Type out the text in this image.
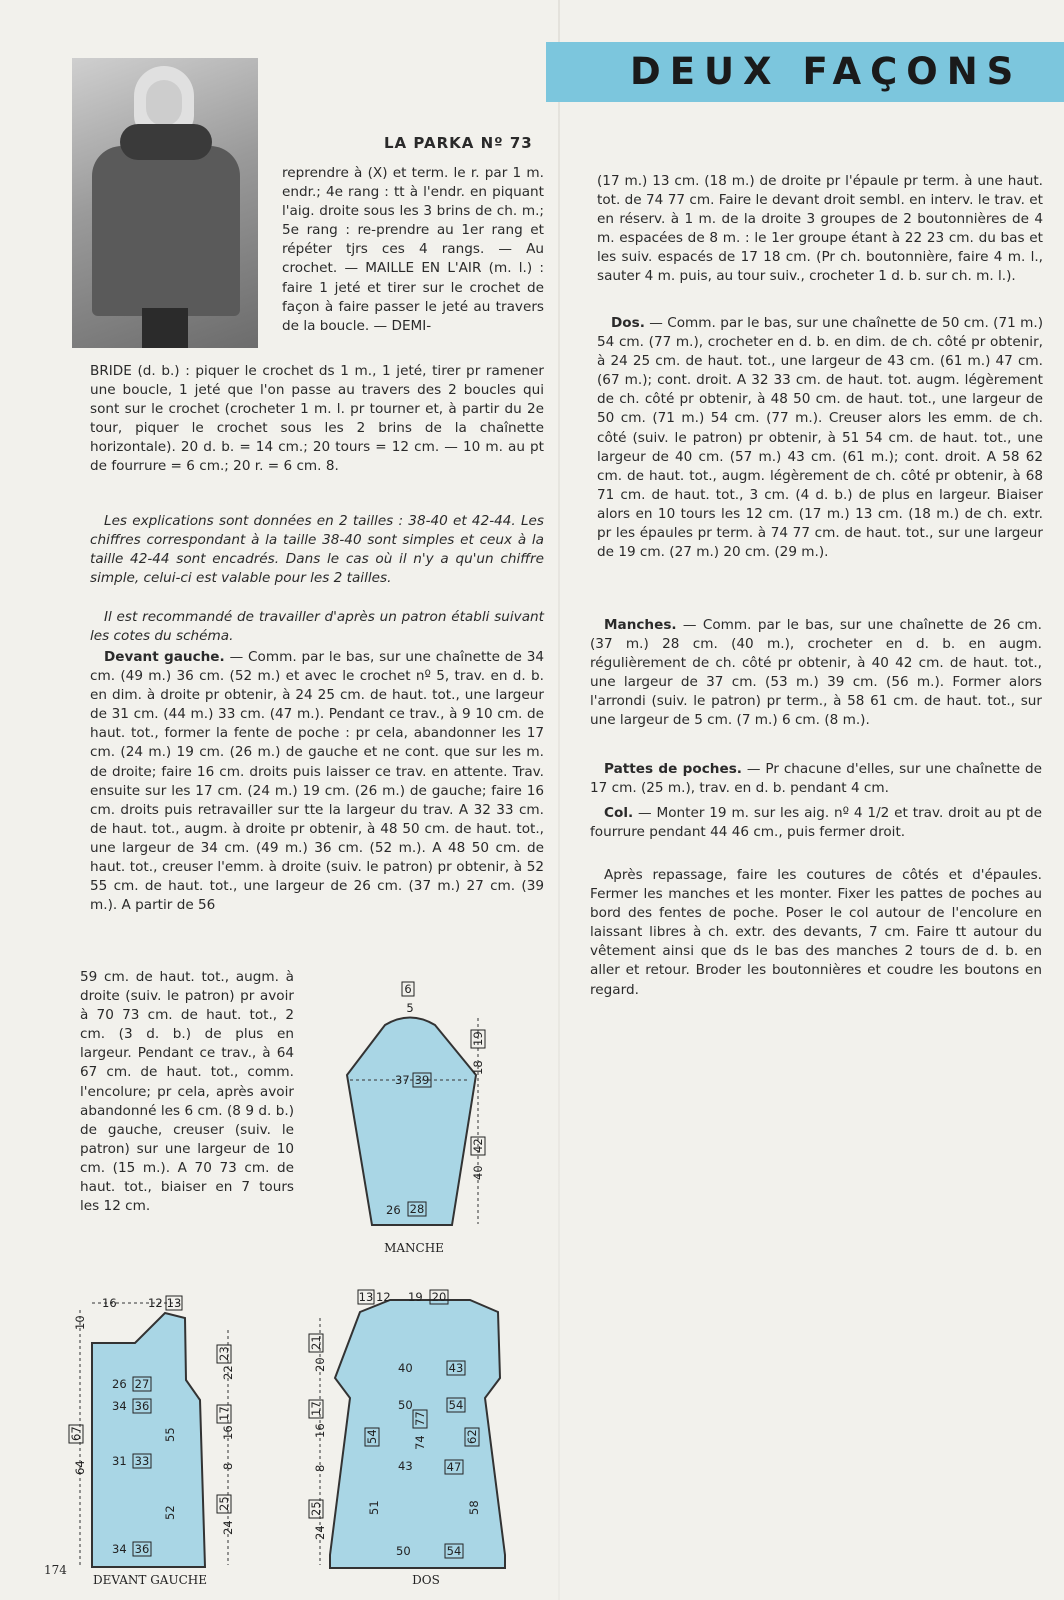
DEUX FAÇONS
LA PARKA Nº 73
reprendre à (X) et term. le r. par 1 m. endr.; 4e rang : tt à l'endr. en piquant l'aig. droite sous les 3 brins de ch. m.; 5e rang : re-prendre au 1er rang et répéter tjrs ces 4 rangs. — Au crochet. — MAILLE EN L'AIR (m. l.) : faire 1 jeté et tirer sur le crochet de façon à faire passer le jeté au travers de la boucle. — DEMI-
BRIDE (d. b.) : piquer le crochet ds 1 m., 1 jeté, tirer pr ramener une boucle, 1 jeté que l'on passe au travers des 2 boucles qui sont sur le crochet (crocheter 1 m. l. pr tourner et, à partir du 2e tour, piquer le crochet sous les 2 brins de la chaînette horizontale). 20 d. b. = 14 cm.; 20 tours = 12 cm. — 10 m. au pt de fourrure = 6 cm.; 20 r. = 6 cm. 8.
Les explications sont données en 2 tailles : 38-40 et 42-44. Les chiffres correspondant à la taille 38-40 sont simples et ceux à la taille 42-44 sont encadrés. Dans le cas où il n'y a qu'un chiffre simple, celui-ci est valable pour les 2 tailles.
Il est recommandé de travailler d'après un patron établi suivant les cotes du schéma.
Devant gauche. — Comm. par le bas, sur une chaînette de 34 cm. (49 m.) 36 cm. (52 m.) et avec le crochet nº 5, trav. en d. b. en dim. à droite pr obtenir, à 24 25 cm. de haut. tot., une largeur de 31 cm. (44 m.) 33 cm. (47 m.). Pendant ce trav., à 9 10 cm. de haut. tot., former la fente de poche : pr cela, abandonner les 17 cm. (24 m.) 19 cm. (26 m.) de gauche et ne cont. que sur les m. de droite; faire 16 cm. droits puis laisser ce trav. en attente. Trav. ensuite sur les 17 cm. (24 m.) 19 cm. (26 m.) de gauche; faire 16 cm. droits puis retravailler sur tte la largeur du trav. A 32 33 cm. de haut. tot., augm. à droite pr obtenir, à 48 50 cm. de haut. tot., une largeur de 34 cm. (49 m.) 36 cm. (52 m.). A 48 50 cm. de haut. tot., creuser l'emm. à droite (suiv. le patron) pr obtenir, à 52 55 cm. de haut. tot., une largeur de 26 cm. (37 m.) 27 cm. (39 m.). A partir de 56
59 cm. de haut. tot., augm. à droite (suiv. le patron) pr avoir à 70 73 cm. de haut. tot., 2 cm. (3 d. b.) de plus en largeur. Pendant ce trav., à 64 67 cm. de haut. tot., comm. l'encolure; pr cela, après avoir abandonné les 6 cm. (8 9 d. b.) de gauche, creuser (suiv. le patron) sur une largeur de 10 cm. (15 m.). A 70 73 cm. de haut. tot., biaiser en 7 tours les 12 cm.
(17 m.) 13 cm. (18 m.) de droite pr l'épaule pr term. à une haut. tot. de 74 77 cm. Faire le devant droit sembl. en interv. le trav. et en réserv. à 1 m. de la droite 3 groupes de 2 boutonnières de 4 m. espacées de 8 m. : le 1er groupe étant à 22 23 cm. du bas et les suiv. espacés de 17 18 cm. (Pr ch. boutonnière, faire 4 m. l., sauter 4 m. puis, au tour suiv., crocheter 1 d. b. sur ch. m. l.).
Dos. — Comm. par le bas, sur une chaînette de 50 cm. (71 m.) 54 cm. (77 m.), crocheter en d. b. en dim. de ch. côté pr obtenir, à 24 25 cm. de haut. tot., une largeur de 43 cm. (61 m.) 47 cm. (67 m.); cont. droit. A 32 33 cm. de haut. tot. augm. légèrement de ch. côté pr obtenir, à 48 50 cm. de haut. tot., une largeur de 50 cm. (71 m.) 54 cm. (77 m.). Creuser alors les emm. de ch. côté (suiv. le patron) pr obtenir, à 51 54 cm. de haut. tot., une largeur de 40 cm. (57 m.) 43 cm. (61 m.); cont. droit. A 58 62 cm. de haut. tot., augm. légèrement de ch. côté pr obtenir, à 68 71 cm. de haut. tot., 3 cm. (4 d. b.) de plus en largeur. Biaiser alors en 10 tours les 12 cm. (17 m.) 13 cm. (18 m.) de ch. extr. pr les épaules pr term. à 74 77 cm. de haut. tot., sur une largeur de 19 cm. (27 m.) 20 cm. (29 m.).
Manches. — Comm. par le bas, sur une chaînette de 26 cm. (37 m.) 28 cm. (40 m.), crocheter en d. b. en augm. régulièrement de ch. côté pr obtenir, à 40 42 cm. de haut. tot., une largeur de 37 cm. (53 m.) 39 cm. (56 m.). Former alors l'arrondi (suiv. le patron) pr term., à 58 61 cm. de haut. tot., sur une largeur de 5 cm. (7 m.) 6 cm. (8 m.).
Pattes de poches. — Pr chacune d'elles, sur une chaînette de 17 cm. (25 m.), trav. en d. b. pendant 4 cm.
Col. — Monter 19 m. sur les aig. nº 4 1/2 et trav. droit au pt de fourrure pendant 44 46 cm., puis fermer droit.
Après repassage, faire les coutures de côtés et d'épaules. Fermer les manches et les monter. Fixer les pattes de poches au bord des fentes de poche. Poser le col autour de l'encolure en laissant libres à ch. extr. des devants, 7 cm. Faire tt autour du vêtement ainsi que ds le bas des manches 2 tours de d. b. en aller et retour. Broder les boutonnières et coudre les boutons en regard.
6
5
37 39
26 28
18
19
40
42
MANCHE
16	12 13
26 27
34 36
31 33
34 36
10
64
67	55
52
22
23
16
17
8
24
25
DEVANT GAUCHE
13 12 19 20
40	43
50	54
43	47
50	54
54	74
77
62
51	58
20
21
16
17
8
24
25
DOS
174
